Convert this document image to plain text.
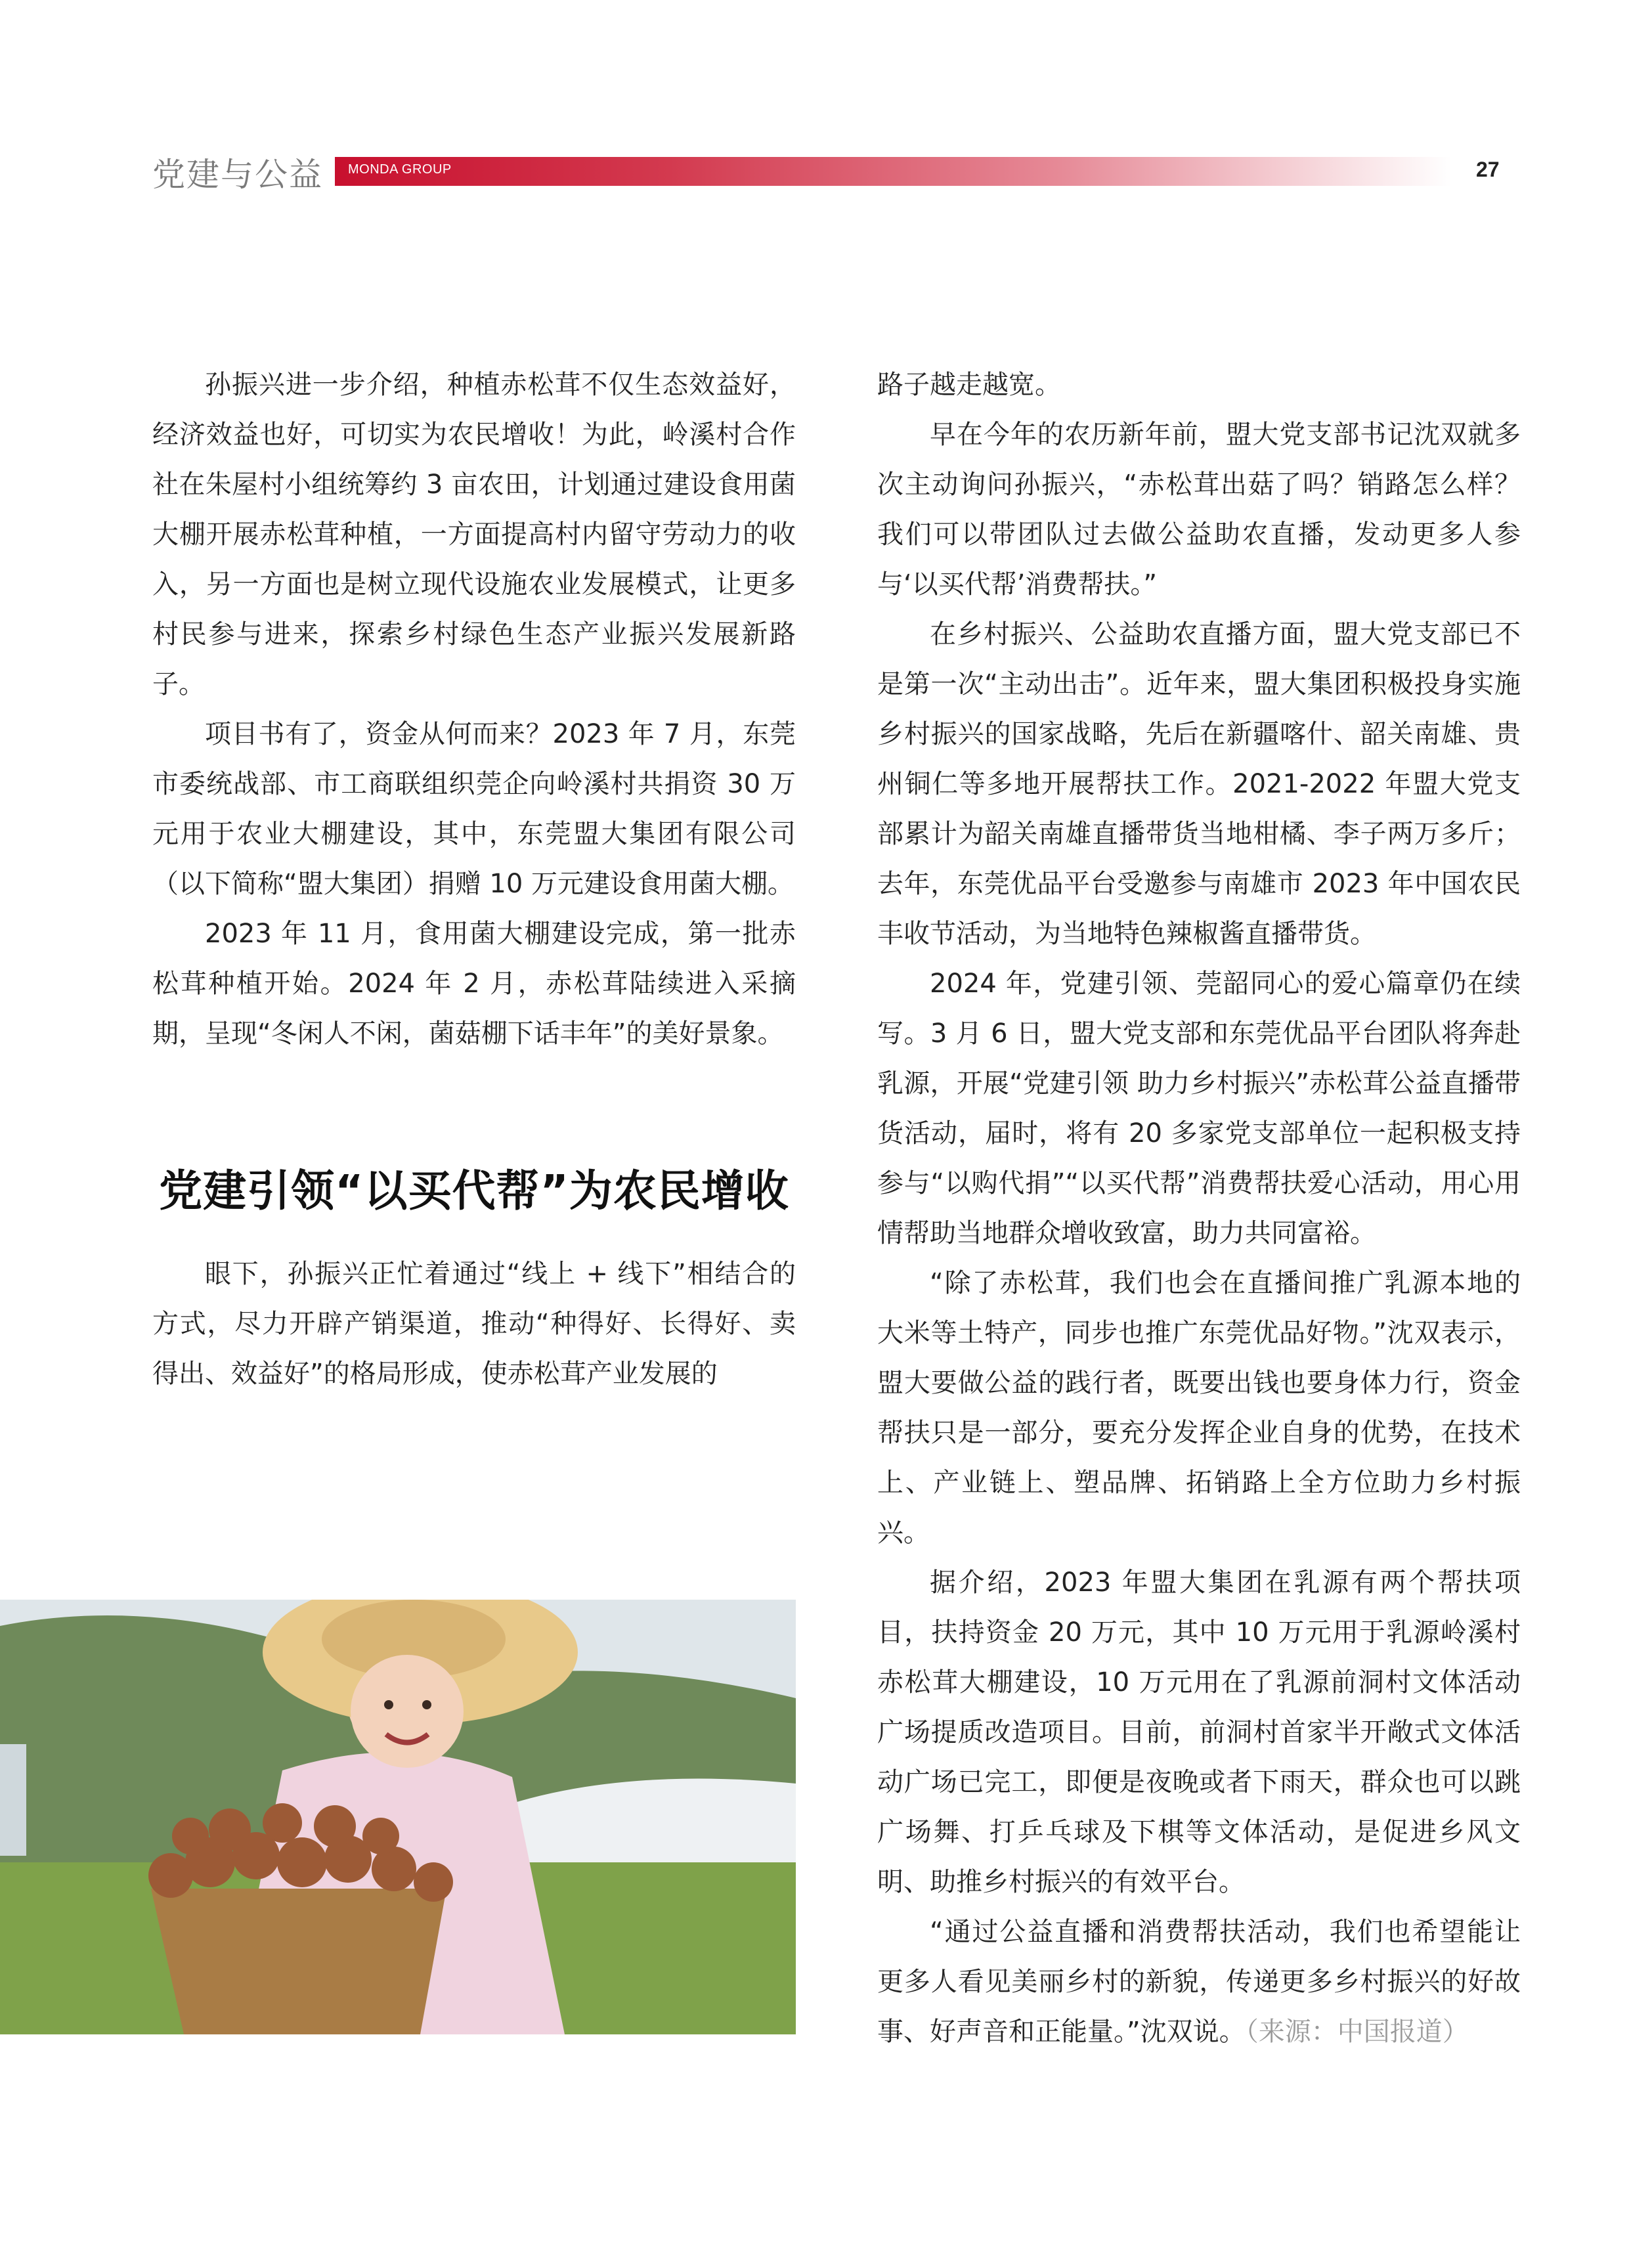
党建与公益 MONDA GROUP	27

孙振兴进一步介绍，种植赤松茸不仅生态效益好，经济效益也好，可切实为农民增收！为此，岭溪村合作社在朱屋村小组统筹约 3 亩农田，计划通过建设食用菌大棚开展赤松茸种植，一方面提高村内留守劳动力的收入，另一方面也是树立现代设施农业发展模式，让更多村民参与进来，探索乡村绿色生态产业振兴发展新路子。

项目书有了，资金从何而来？2023 年 7 月，东莞市委统战部、市工商联组织莞企向岭溪村共捐资 30 万元用于农业大棚建设，其中，东莞盟大集团有限公司（以下简称“盟大集团）捐赠 10 万元建设食用菌大棚。

2023 年 11 月，食用菌大棚建设完成，第一批赤松茸种植开始。2024 年 2 月，赤松茸陆续进入采摘期，呈现“冬闲人不闲，菌菇棚下话丰年”的美好景象。

党建引领“以买代帮”为农民增收

眼下，孙振兴正忙着通过“线上 + 线下”相结合的方式，尽力开辟产销渠道，推动“种得好、长得好、卖得出、效益好”的格局形成，使赤松茸产业发展的

路子越走越宽。

早在今年的农历新年前，盟大党支部书记沈双就多次主动询问孙振兴，“赤松茸出菇了吗？销路怎么样？我们可以带团队过去做公益助农直播，发动更多人参与‘以买代帮’消费帮扶。”

在乡村振兴、公益助农直播方面，盟大党支部已不是第一次“主动出击”。近年来，盟大集团积极投身实施乡村振兴的国家战略，先后在新疆喀什、韶关南雄、贵州铜仁等多地开展帮扶工作。2021-2022 年盟大党支部累计为韶关南雄直播带货当地柑橘、李子两万多斤；去年，东莞优品平台受邀参与南雄市 2023 年中国农民丰收节活动，为当地特色辣椒酱直播带货。

2024 年，党建引领、莞韶同心的爱心篇章仍在续写。3 月 6 日，盟大党支部和东莞优品平台团队将奔赴乳源，开展“党建引领 助力乡村振兴”赤松茸公益直播带货活动，届时，将有 20 多家党支部单位一起积极支持参与“以购代捐”“以买代帮”消费帮扶爱心活动，用心用情帮助当地群众增收致富，助力共同富裕。

“除了赤松茸，我们也会在直播间推广乳源本地的大米等土特产，同步也推广东莞优品好物。”沈双表示，盟大要做公益的践行者，既要出钱也要身体力行，资金帮扶只是一部分，要充分发挥企业自身的优势，在技术上、产业链上、塑品牌、拓销路上全方位助力乡村振兴。

据介绍，2023 年盟大集团在乳源有两个帮扶项目，扶持资金 20 万元，其中 10 万元用于乳源岭溪村赤松茸大棚建设，10 万元用在了乳源前洞村文体活动广场提质改造项目。目前，前洞村首家半开敞式文体活动广场已完工，即便是夜晚或者下雨天，群众也可以跳广场舞、打乒乓球及下棋等文体活动，是促进乡风文明、助推乡村振兴的有效平台。

“通过公益直播和消费帮扶活动，我们也希望能让更多人看见美丽乡村的新貌，传递更多乡村振兴的好故事、好声音和正能量。”沈双说。（来源：中国报道）
